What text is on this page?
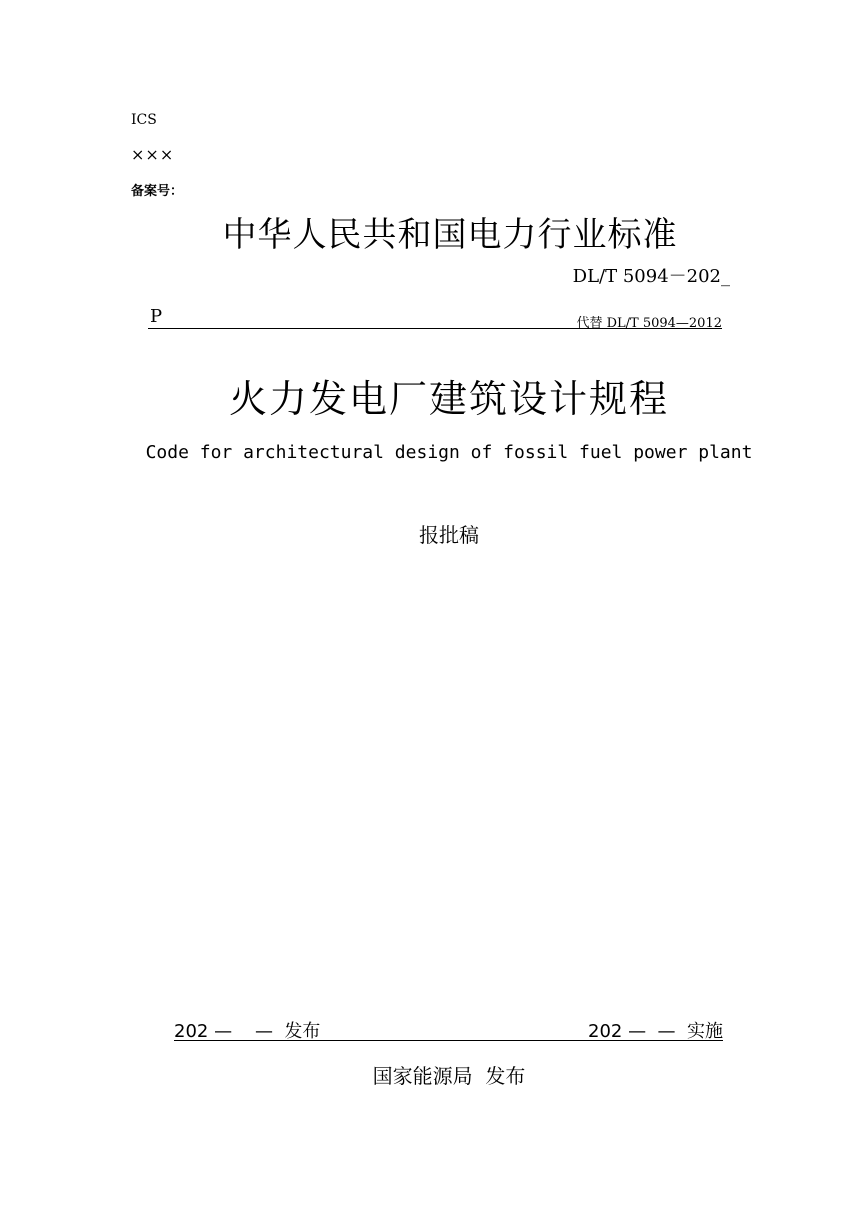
ICS
×××
备案号：
中华人民共和国电力行业标准
DL/T 5094－202_
P	代替 DL/T 5094—2012
火力发电厂建筑设计规程
Code for architectural design of fossil fuel power plant
报批稿
202 —    —  发布	202 —  —  实施
国家能源局  发布
